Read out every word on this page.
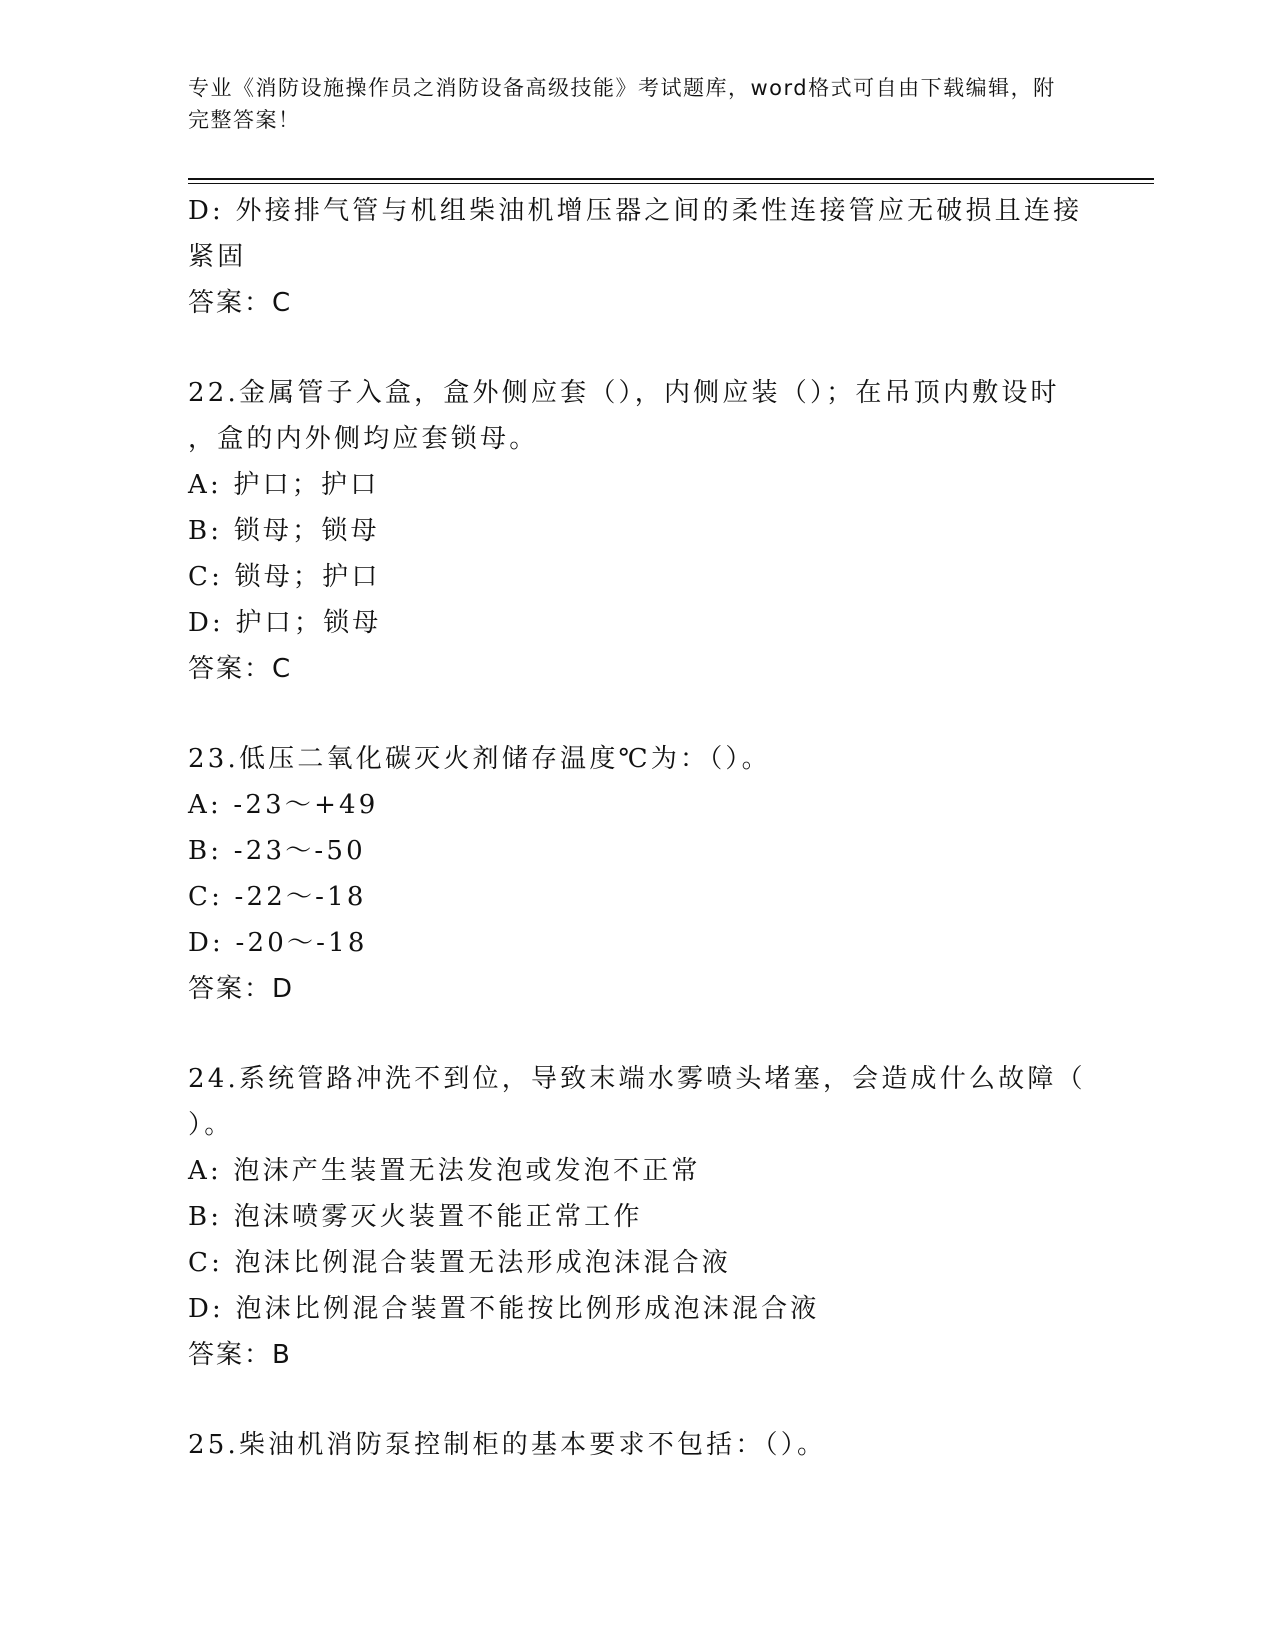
专业《消防设施操作员之消防设备高级技能》考试题库，word格式可自由下载编辑，附完整答案！
D: 外接排气管与机组柴油机增压器之间的柔性连接管应无破损且连接
紧固
答案：C
22.金属管子入盒，盒外侧应套（），内侧应装（）；在吊顶内敷设时
，盒的内外侧均应套锁母。
A: 护口；护口
B: 锁母；锁母
C: 锁母；护口
D: 护口；锁母
答案：C
23.低压二氧化碳灭火剂储存温度℃为：（）。
A: -23～+49
B: -23～-50
C: -22～-18
D: -20～-18
答案：D
24.系统管路冲洗不到位，导致末端水雾喷头堵塞，会造成什么故障（
）。
A: 泡沫产生装置无法发泡或发泡不正常
B: 泡沫喷雾灭火装置不能正常工作
C: 泡沫比例混合装置无法形成泡沫混合液
D: 泡沫比例混合装置不能按比例形成泡沫混合液
答案：B
25.柴油机消防泵控制柜的基本要求不包括：（）。
